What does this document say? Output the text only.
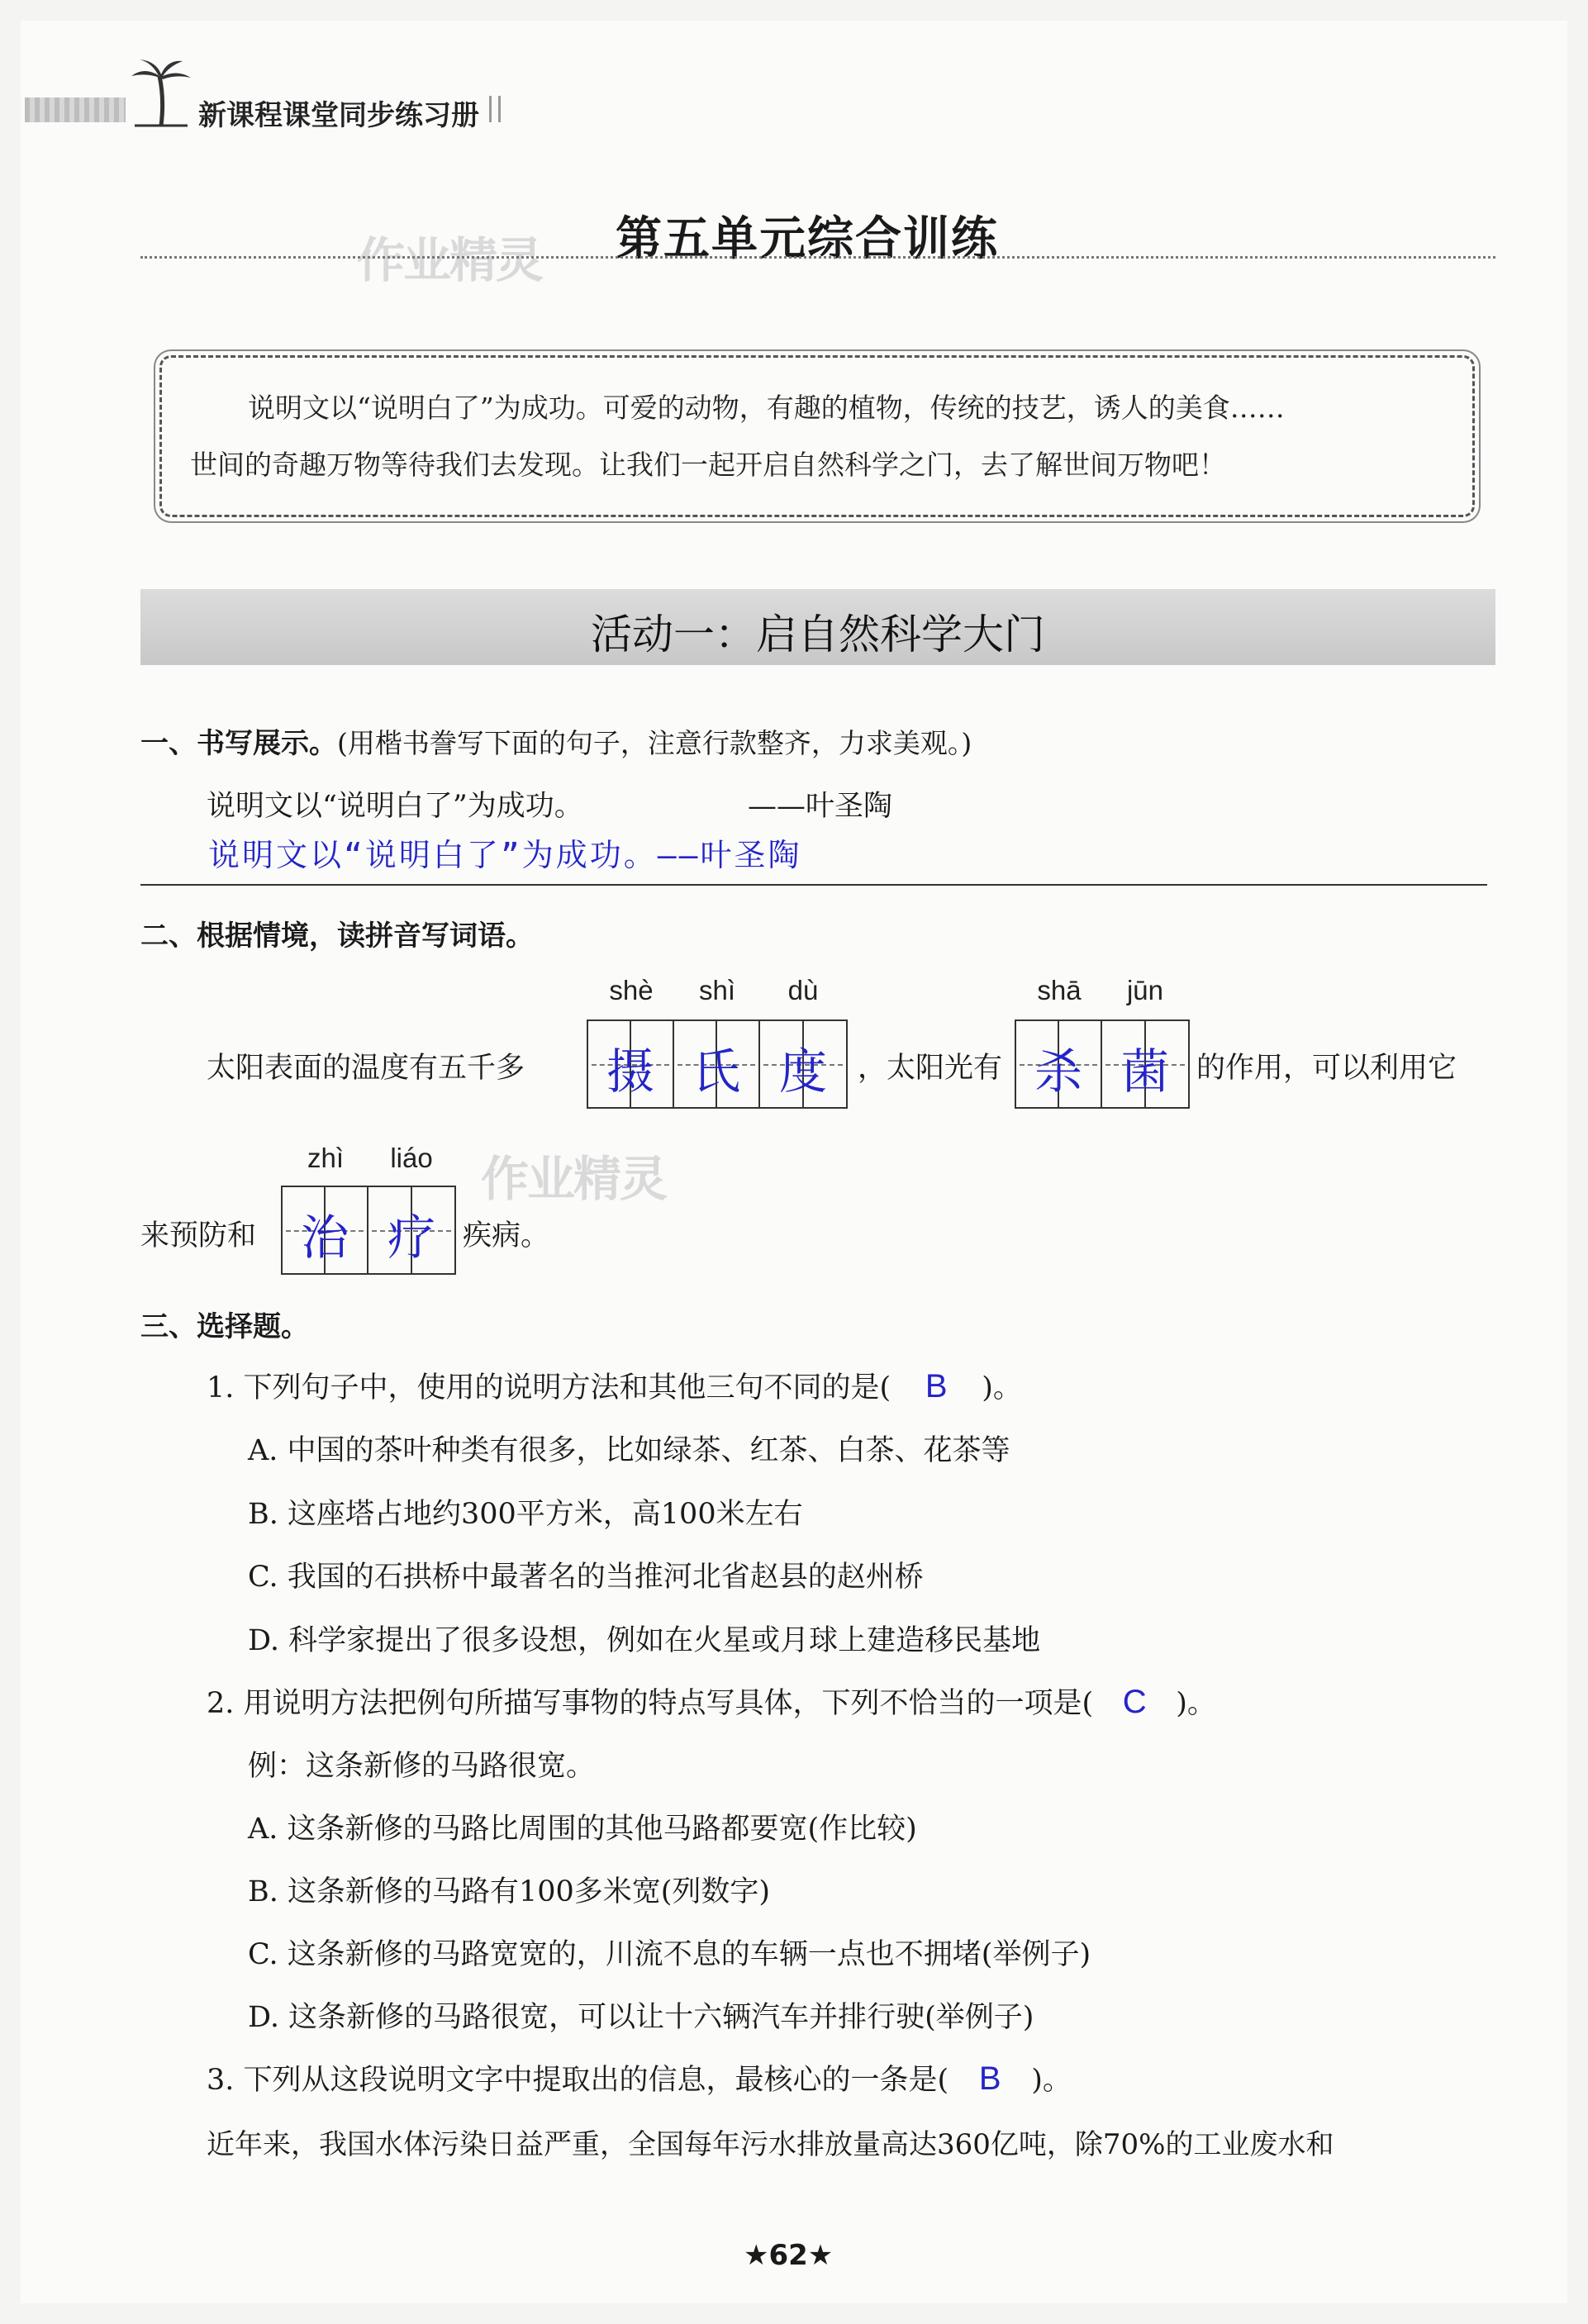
新课程课堂同步练习册
作业精灵 第五单元综合训练
说明文以“说明白了”为成功。可爱的动物，有趣的植物，传统的技艺，诱人的美食……
世间的奇趣万物等待我们去发现。让我们一起开启自然科学之门，去了解世间万物吧！
活动一：启自然科学大门
一、书写展示。(用楷书誊写下面的句子，注意行款整齐，力求美观。)
说明文以“说明白了”为成功。	——叶圣陶
说明文以“说明白了”为成功。——叶圣陶
二、根据情境，读拼音写词语。
shè	shì	dù	shā	jūn
太阳表面的温度有五千多	摄 氏 度	，太阳光有 杀 菌 的作用，可以利用它
zhì	liáo	作业精灵
来预防和 治 疗 疾病。
三、选择题。
1. 下列句子中，使用的说明方法和其他三句不同的是( B )。
A. 中国的茶叶种类有很多，比如绿茶、红茶、白茶、花茶等
B. 这座塔占地约300平方米，高100米左右
C. 我国的石拱桥中最著名的当推河北省赵县的赵州桥
D. 科学家提出了很多设想，例如在火星或月球上建造移民基地
2. 用说明方法把例句所描写事物的特点写具体，下列不恰当的一项是( C )。
例：这条新修的马路很宽。
A. 这条新修的马路比周围的其他马路都要宽(作比较)
B. 这条新修的马路有100多米宽(列数字)
C. 这条新修的马路宽宽的，川流不息的车辆一点也不拥堵(举例子)
D. 这条新修的马路很宽，可以让十六辆汽车并排行驶(举例子)
3. 下列从这段说明文字中提取出的信息，最核心的一条是( B )。
近年来，我国水体污染日益严重，全国每年污水排放量高达360亿吨，除70%的工业废水和
★62★
